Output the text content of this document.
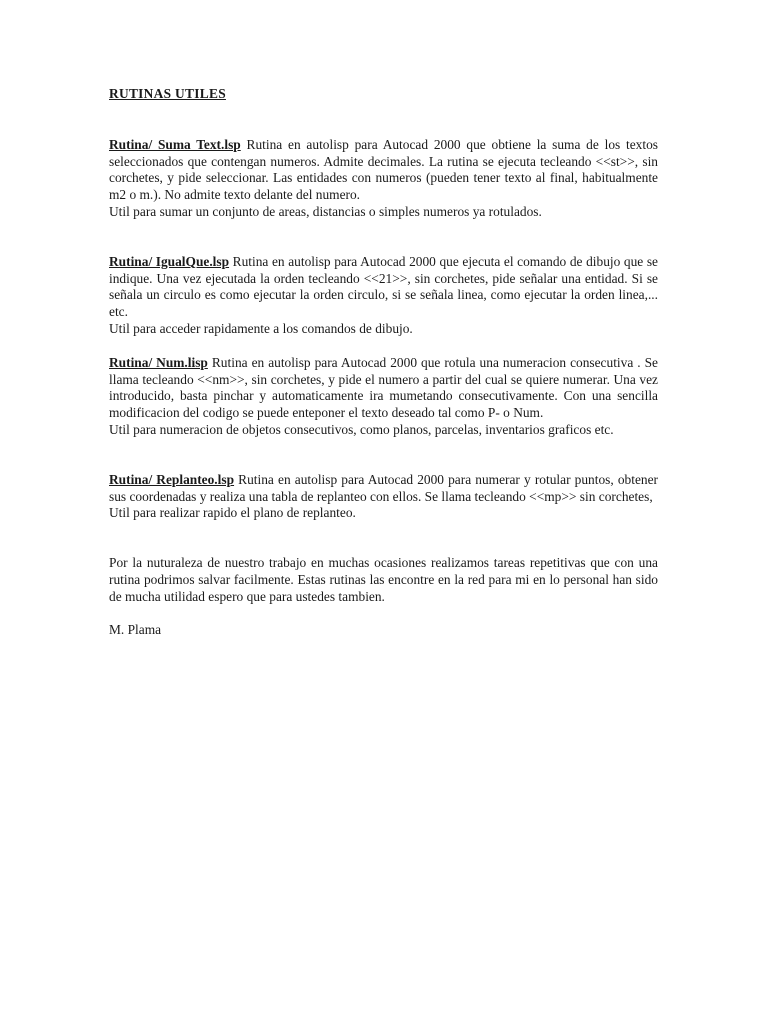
RUTINAS UTILES

Rutina/ Suma Text.lsp Rutina en autolisp para Autocad 2000 que obtiene la suma de los textos seleccionados que contengan numeros. Admite decimales. La rutina se ejecuta tecleando <<st>>, sin corchetes, y pide seleccionar. Las entidades con numeros (pueden tener texto al final, habitualmente m2 o m.). No admite texto delante del numero.
Util para sumar un conjunto de areas, distancias o simples numeros ya rotulados.

Rutina/ IgualQue.lsp Rutina en autolisp para Autocad 2000 que ejecuta el comando de dibujo que se indique. Una vez ejecutada la orden tecleando <<21>>, sin corchetes, pide señalar una entidad. Si se señala un circulo es como ejecutar la orden circulo, si se señala linea, como ejecutar la orden linea,... etc.
Util para acceder rapidamente a los comandos de dibujo.

Rutina/ Num.lisp Rutina en autolisp para Autocad 2000 que rotula una numeracion consecutiva . Se llama tecleando <<nm>>, sin corchetes, y pide el numero a partir del cual se quiere numerar. Una vez introducido, basta pinchar y automaticamente ira mumetando consecutivamente. Con una sencilla modificacion del codigo se puede enteponer el texto deseado tal como P- o Num.
Util para numeracion de objetos consecutivos, como planos, parcelas, inventarios graficos etc.

Rutina/ Replanteo.lsp Rutina en autolisp para Autocad 2000 para numerar y rotular puntos, obtener sus coordenadas y realiza una tabla de replanteo con ellos. Se llama tecleando <<mp>> sin corchetes,
Util para realizar rapido el plano de replanteo.

Por la nuturaleza de nuestro trabajo en muchas ocasiones realizamos tareas repetitivas que con una rutina podrimos salvar facilmente. Estas rutinas las encontre en la red para mi en lo personal han sido de mucha utilidad espero que para ustedes tambien.

M. Plama
